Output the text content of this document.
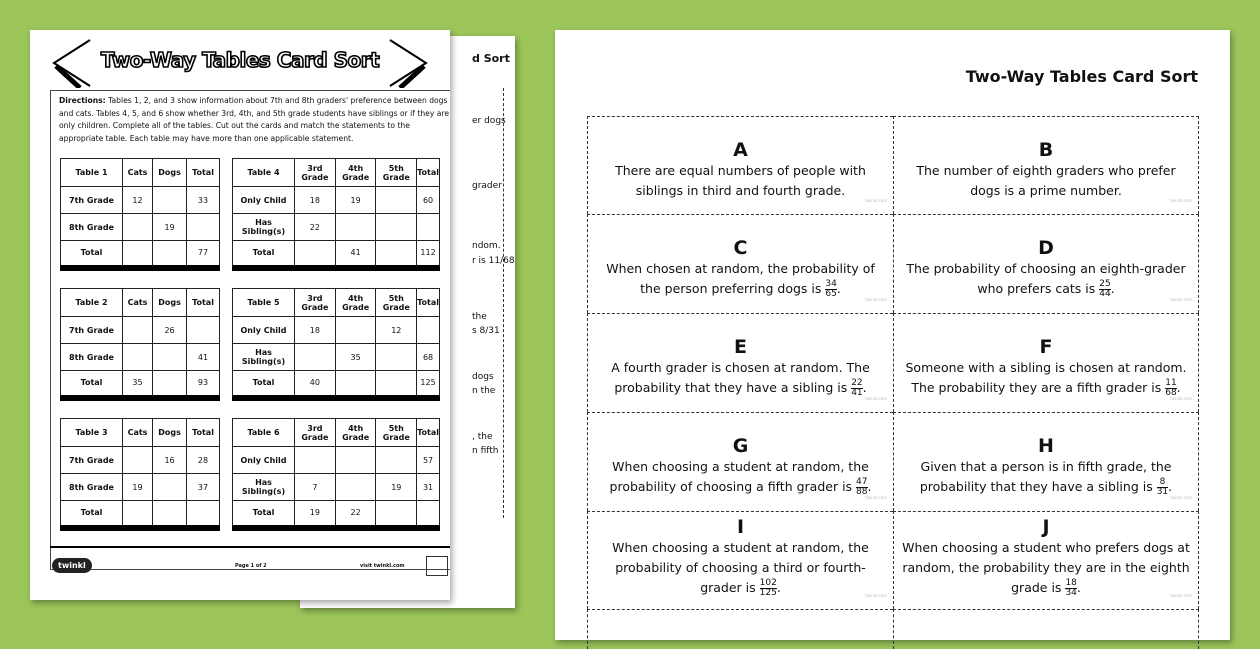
d Sort
er dogs
grader
ndom.
r is 11/68
the
s 8/31
dogs
n the
, the
n fifth
Two-Way Tables Card Sort
Directions: Tables 1, 2, and 3 show information about 7th and 8th graders' preference between dogs and cats. Tables 4, 5, and 6 show whether 3rd, 4th, and 5th grade students have siblings or if they are only children. Complete all of the tables. Cut out the cards and match the statements to the appropriate table. Each table may have more than one applicable statement.
Table 1	Cats	Dogs	Total
7th Grade	12		33
8th Grade		19	
Total			77
Table 4	3rd Grade	4th Grade	5th Grade	Total
Only Child	18	19		60
Has Sibling(s)	22			
Total		41		112
Table 2	Cats	Dogs	Total
7th Grade		26	
8th Grade			41
Total	35		93
Table 5	3rd Grade	4th Grade	5th Grade	Total
Only Child	18		12	
Has Sibling(s)		35		68
Total	40			125
Table 3	Cats	Dogs	Total
7th Grade		16	28
8th Grade	19		37
Total			
Table 6	3rd Grade	4th Grade	5th Grade	Total
Only Child				57
Has Sibling(s)	7		19	31
Total	19	22		
twinkl	Page 1 of 2	visit twinkl.com
Two-Way Tables Card Sort
A
There are equal numbers of people with siblings in third and fourth grade.
twinkl.com
B
The number of eighth graders who prefer dogs is a prime number.
twinkl.com
C
When chosen at random, the probability of the person preferring dogs is $\frac{34}{65}$ .
twinkl.com
D
The probability of choosing an eighth-grader who prefers cats is $\frac{25}{44}$ .
twinkl.com
E
A fourth grader is chosen at random. The probability that they have a sibling is $\frac{22}{41}$ .
twinkl.com
F
Someone with a sibling is chosen at random. The probability they are a fifth grader is $\frac{11}{68}$ .
twinkl.com
G
When choosing a student at random, the probability of choosing a fifth grader is $\frac{47}{88}$ .
twinkl.com
H
Given that a person is in fifth grade, the probability that they have a sibling is $\frac{8}{31}$ .
twinkl.com
I
When choosing a student at random, the probability of choosing a third or fourth-grader is $\frac{102}{125}$ .
twinkl.com
J
When choosing a student who prefers dogs at random, the probability they are in the eighth grade is $\frac{18}{34}$ .
twinkl.com
